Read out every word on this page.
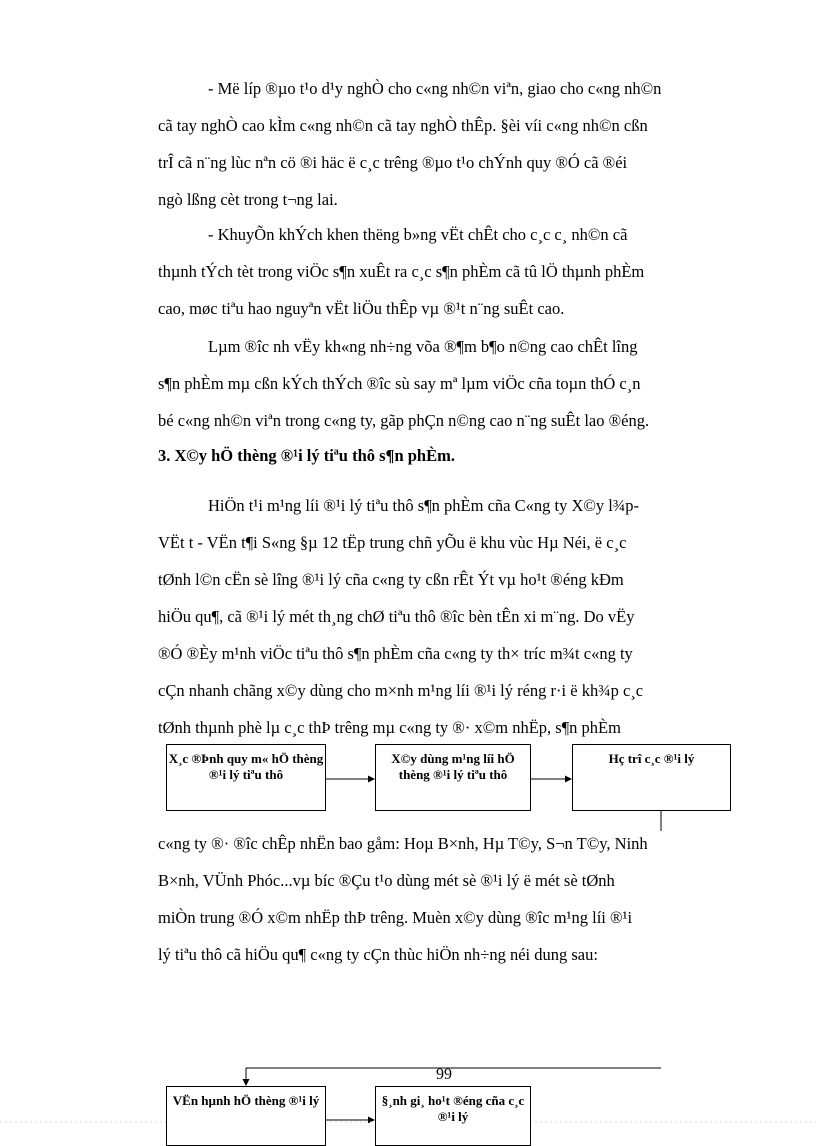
- Më líp ®µo t¹o d¹y nghÒ cho c«ng nh©n viªn, giao cho c«ng nh©n
cã tay nghÒ cao kÌm c«ng nh©n cã tay nghÒ thÊp. §èi víi c«ng nh©n cßn
trÎ cã n¨ng lùc nªn cö ®i häc ë c¸c trêng ®µo t¹o chÝnh quy ®Ó cã ®éi
ngò lßng cèt trong t¬ng lai.
- KhuyÕn khÝch khen thëng b»ng vËt chÊt cho c¸c c¸ nh©n cã
thµnh tÝch tèt trong viÖc s¶n xuÊt ra c¸c s¶n phÈm cã tû lÖ thµnh phÈm
cao, møc tiªu hao nguyªn vËt liÖu thÊp vµ ®¹t n¨ng suÊt cao.
Lµm ®îc nh vËy kh«ng nh÷ng võa ®¶m b¶o n©ng cao chÊt lîng
s¶n phÈm mµ cßn kÝch thÝch ®îc sù say mª lµm viÖc cña toµn thÓ c¸n
bé c«ng nh©n viªn trong c«ng ty, gãp phÇn n©ng cao n¨ng suÊt lao ®éng.
3. X©y hÖ thèng ®¹i lý tiªu thô s¶n phÈm.
HiÖn t¹i m¹ng líi ®¹i lý tiªu thô s¶n phÈm cña C«ng ty X©y l¾p-
VËt t - VËn t¶i S«ng §µ 12 tËp trung chñ yÕu ë khu vùc Hµ Néi, ë c¸c
tØnh l©n cËn sè lîng ®¹i lý cña c«ng ty cßn rÊt Ýt vµ ho¹t ®éng kÐm
hiÖu qu¶, cã ®¹i lý mét th¸ng chØ tiªu thô ®îc bèn tÊn xi m¨ng. Do vËy
®Ó ®Èy m¹nh viÖc tiªu thô s¶n phÈm cña c«ng ty th× tríc m¾t c«ng ty
cÇn nhanh chãng x©y dùng cho m×nh m¹ng líi ®¹i lý réng r·i ë kh¾p c¸c
tØnh thµnh phè lµ c¸c thÞ trêng mµ c«ng ty ®· x©m nhËp, s¶n phÈm
X¸c ®Þnh quy m« hÖ thèng ®¹i lý tiªu thô
X©y dùng m¹ng líi hÖ thèng ®¹i lý tiªu thô
Hç trî c¸c ®¹i lý
c«ng ty ®· ®îc chÊp nhËn bao gåm: Hoµ B×nh, Hµ T©y, S¬n T©y, Ninh
B×nh, VÜnh Phóc...vµ bíc ®Çu t¹o dùng mét sè ®¹i lý ë mét sè tØnh
miÒn trung ®Ó x©m nhËp thÞ trêng. Muèn x©y dùng ®îc m¹ng líi ®¹i
lý tiªu thô cã hiÖu qu¶ c«ng ty cÇn thùc hiÖn nh÷ng néi dung sau:
99
VËn hµnh hÖ thèng ®¹i lý	§¸nh gi¸ ho¹t ®éng cña c¸c ®¹i lý
